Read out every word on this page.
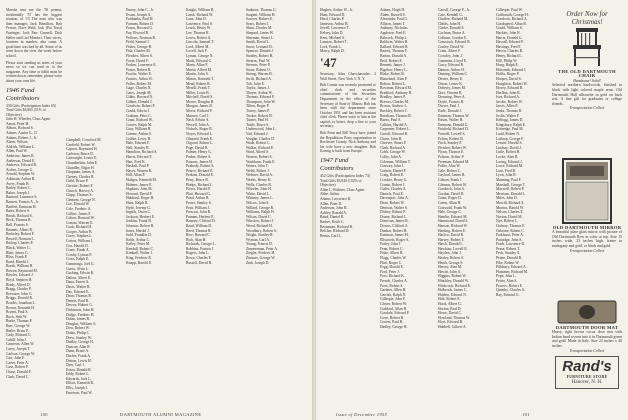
Marsha sent me the '56 peanut, incidentally '57 has the biggest reunion, of '15 The man who was then manager, Jack Hamilton, Bob Ferrari, Dave Weld, Jack (Pat Trust) Farringer, Jack Parr Connell, Dick Haller and Carl Manfort. Their wives, fourteen in number, also came. A good time was had by all. Some of us went down the river the week before school.

Please start sending us notes of your news so we can send in to the magazine. Any time or tidbit must be written down, remember, please write about your own life.

1946 Fund Contributors
330 Gifts (Participation Index 65)
Total Gifts $4,865 (51% of Objective)
John H. Wheeler, Class Agent
Aaron, Peter H.
Abbott, Richard S.
Adams, Austin G., II
Adams, Robert J., Jr.
Ahern, Wilson
Aldrich, William L.
Allen, Paul W.
Ambrose, James R.
Anderson, David E.
Andrews, Edward R.
Archer, George G.
Arnold, Stephen W.
Atkinson, Arthur R.
Avery, Frank B.
Bailey, Robert C.
Baker, Joseph J.
Barnard, Laurence S.
Barnett, Francis A., Jr.
Bartlett, Emmons H.
Bates, Robert S.
Beach, Richard S.
Beck, Thomas R.
Bell, Francis S.
Bennett, Albert R.
Berkeley, Robert F.
Bessell, Norman L.
Bishop, Charles P.
Black, Walter G.
Blair, James G.
Bliss, Frank P.
Bond, Harold J.
Booth, William H.
Bowen, Raymond M.
Bowles, Edward J.
Boyd, Stephen H.
Brady, Alfred D.
Bragg, Charles P.
Brewster, John G.
Briggs, Donald R.
Brooks, Jonathan L.
Brown, Kenneth H.
Bryant, Paul S.
Buck, Seth W.
Burke, Thomas F.
Burr, George W.
Butler, Brian F.
Cady, Richard C.
Cahill, John J.
Cameron, Allen W.
Carey, Joseph T.
Carlson, George W.
Carr, John F.
Carter, Peter A.
Case, Robert P.
Chase, Donald F.
Clark, David C.
Campbell, Crawford M.
Canfield, Robert W.
Capron, Raymond H.
Carleton, Bruce D.
Cartwright, Lester E.
Chamberlain, John E.
Chandler, Edgar H.
Chapman, James A.
Cheney, Charles R.
Child, Bruce P.
Christie, Robert F.
Church, Harvey A.
Clapp, Thomas S.
Clement, George N.
Coe, Donald W.
Cole, Frederic A.
Collins, James F.
Colton, Bernard W.
Conant, Warren E.
Cook, Richard H.
Cooper, Arthur B.
Corey, Stephen L.
Cotton, William J.
Cox, Harold D.
Crane, Frank A.
Crosby, Lyman P.
Cross, Ralph E.
Cummings, Joel G.
Curtis, Alvin L.
Cushing, Edwin R.
Dalton, Albert E.
Dana, Ernest A.
Davis, Walter B.
Day, Edward E.
Dean, Thomas B.
Dennis, Paul R.
Dewey, Hubert G.
Dickinson, John H.
Dodge, Frederic H.
Dolan, James R.
Douglas, William A.
Dow, Robert W.
Drake, Philip C.
Drew, Stanley W.
Dudley, George H.
Duncan, Alan R.
Dunn, Bruce A.
Durfee, Frank A.
Dutton, Lewis H.
Dyer, Carl J.
Eaton, Donald R.
Eddy, Robert L.
Edwards, Jack L.
Elliott, Kenneth R.
Ellis, Joseph J.
Emerson, Paul W.
Emery, John C., Jr.
Evans, Joseph A.
Fairbanks, Paul H.
Farnum, Robert D.
Farrar, Howard G.
Fay, Elwood B.
Fellows, Norman R.
Field, Samuel J.
Fisher, George B.
Fisk, Charles M.
Fletcher, Albert S.
Foote, David F.
Forbes, Lawrence E.
Foster, Robert R.
Fowler, Walter E.
Francis, Arthur B.
Fuller, Robert M.
Gage, Charles N.
Gates, Joseph M.
Gibbs, Howard N.
Gilbert, Donald J.
Goodwin, Robert P.
Gould, Edwin J.
Graham, Peter C.
Grant, Richard W.
Graves, Ralph M.
Gray, William H.
Greene, Arthur S.
Griffin, Leroy B.
Hale, Edward F.
Hall, Stanley B.
Hamilton, Richard S.
Harris, Edward F.
Hart, Fred K.
Haskell, Paul P.
Hayes, Warren R.
Hill, Allan P.
Hodges, Kenneth M.
Holmes, James E.
Hopkins, John M.
Howard, David F.
Hubbard, Roger H.
Hunt, Ralph R.
Hyde, Jeremy G.
Ingalls, Owen C.
Jackson, Herbert E.
Jenkins, Frank D.
Johnson, Robert B.
Jones, Harold J.
Judd, Franklin D.
Keith, Arthur C.
Kelley, Peter M.
Kendall, Robert C.
Kimball, Walter J.
King, Frederic R.
Knapp, Harold E.
Knight, William B.
Lamb, Richard W.
Lane, John D.
Lawrence, Paul S.
Leach, Henry W.
Lee, Thomas R.
Lewis, Robert A.
Lincoln, Samuel T.
Lord, Albert M.
Lovell, Jack F.
Lyman, George N.
Mack, Edward G.
Mann, Allan P.
Marsh, Alfred M.
Martin, John S.
Mason, Kenneth T.
Mead, Robert R.
Merrill, Frank T.
Miller, Louis B.
Mitchell, David S.
Moore, Douglas R.
Morgan, James D.
Morse, Richard F.
Munroe, Carl J.
Nash, Edwin A.
Newell, John A.
Nichols, Roger B.
Noyes, Edward L.
Olmsted, Frank E.
Osgood, Robert L.
Page, David R.
Palmer, Henry G.
Parker, Robert S.
Parsons, James H.
Peabody, Robert S.
Pearce, Richard E.
Perkins, Donald E.
Perry, Bruce R.
Phelps, Richard L.
Pierce, Harold P.
Platt, Howard G.
Pond, Arthur R.
Porter, Stanley S.
Pratt, William J.
Prescott, John R.
Putnam, Herbert E.
Ramsey, Clifford D.
Rand, William D.
Reed, Thomas R.
Rice, Howard C.
Rich, Alan H.
Richards, George L.
Robbins, Francis J.
Rogers, John L.
Rowe, Charles F.
Russell, David B.
Sanborn, Thomas G.
Sargent, William H.
Sawyer, Robert E.
Sears, Robert J.
Shaw, Charles M.
Shepard, James W.
Sherman, Stuart L.
Smith, David L.
Snow, Leonard D.
Spencer, Donald J.
Stanley, Robert H.
Stearns, Paul W.
Stevens, Peter P.
Stone, Robert O.
Strong, Warren B.
Swift, Richard A.
Taft, John E.
Taylor, James J.
Thayer, Arthur W.
Thomas, Edward F.
Thompson, John W.
Tilton, Roger P.
Torrey, James P.
Tucker, Robert H.
Turner, Paul H.
Tuttle, Bruce S.
Underwood, John L.
Vail, Edward J.
Vaughn, Charles D.
Wade, Robert C.
Walker, Richard E.
Ward, Alfred S.
Warren, Robert S.
Washburn, Frank E.
Waters, John T.
Webb, Robert J.
Webster, David A.
Weeks, Henry K.
Wells, Charles B.
Wheeler, John H.
White, David L.
Whitney, James L.
Wilcox, John S.
Willard, George R.
Williams, Ralph H.
Wilson, David C.
Winslow, Robert J.
Wood, Richard H.
Woodbury, Robert S.
Wright, Stanley R.
Wyman, Carl A.
Young, Francis D.
Zimmerman, Peter A.
Ziegler, Frederic H.
Zimmer, George W.
Zink, Joseph D.
100	DARTMOUTH ALUMNI MAGAZINE
Hughes, Arthur W., Jr.
Hunt, Edward D.
Hurd, Charles P.
Jameson, Arthur B.
Jewell, Lawrence T.
Kelsey, John D.
Kent, Michael S.
Lamson, Robert T.
Lord, Frank L.
Marcy, Ralph D.
'47

Secretary, John Chavchavadze, 2 Wall Street, New York 5, N. Y.

Bob Cronin was recently promoted to chief clerk and securities commissioner of the Securities Department in the office of the Secretary of State of Illinois. Bob has been with the department since October 1951 and has been assistant chief clerk. Please write to him at the capital, or better, drop a line to your secretary.

Bob Fenn and Bill Tracy have joined the Republican Party organization in Rochester County. Nick Anthony and his wife have a new daughter. Bob Koenig is back from Europe.

1947 Fund Contributors
452 Gifts (Participation Index 73)
Total Gifts $5,840 (102% of Objective)
Allen L. Rickner, Class Agent
Abbe, Arthur
Adams, Lawrence R.
Allen, Peter D.
Anderson, John R.
Ashley, Ronald A.
Baird, Daniel R.
Barker, Keith C.
Beaumont, Richard R.
Belcher, Richard D.
Bemis, Carl L.
Adams, Hugh H.
Alden, Russell S.
Alexander, Paul G.
Allison, James T.
Anthony, Nicholas
Appleton, Fred E.
Babcock, Philip L.
Baldwin, Walter B.
Ballard, Edward R.
Barrett, Thomas F.
Barton, Donald A.
Beal, Robert E.
Bennett, James J.
Bigelow, Henry L.
Blake, Robert R.
Blanchard, Alan P.
Bolton, Robert L.
Bowman, Edward M.
Bradford, Anthony B.
Bradley, James P.
Brewer, Charles M.
Brown, Andrew L.
Buckley, Robert T.
Burnham, Thomas B.
Burns, Paul S.
Calkins, Harold A.
Carpenter, Robert L.
Carroll, Edward R.
Chase, John H.
Cheever, Stuart P.
Clark, Richard A.
Cobb, George W.
Colby, John A.
Coleman, William T.
Conway, John J.
Corbett, Daniel F.
Craig, Robert E.
Crocker, Henry G.
Cronin, Robert J.
Cutler, Charles A.
Daniels, Paul E.
Davenport, John A.
Dean, Robert W.
Denison, Walter S.
Dickey, Robert P.
Doane, Richard L.
Donovan, James R.
Downs, Clifford A.
Dunbar, Robert H.
Eastman, James M.
Ellsworth, Roger S.
Farley, John J.
Fenn, Robert C.
Fiske, Albert B.
Flagg, Charles W.
Flint, Roger C.
Fogg, Harold E.
Ford, Peter J.
Foss, Richard K.
French, Charles A.
Frost, Robert S.
Gardner, Allen H.
Gerrish, Ralph N.
Gillespie, John F.
Glover, Robert W.
Goddard, Allan R.
Goodale, Edward P.
Gove, Robert R.
Grover, Paul H.
Hadley, George R.
Carroll, George F., Jr.
Cate, Kendall G.
Chaffee, Richard M.
Childs, John H.
Clarke, Donald S.
Cochran, Bruce A.
Colburn, Gordon E.
Comstock, Edward B.
Conley, David W.
Cram, Albert F.
Crowley, John J.
Cummins, Lloyd E.
Curry, Edward B.
Damon, Arthur H.
Deming, William C.
Dexter, Henry E.
Dixon, Lester K.
Doherty, James M.
Dorr, Vincent B.
Downing, Peter A.
Doyle, Francis B.
Dwyer, Paul J.
Earle, Donald J.
Eastman, Thomas W.
Edson, Walter H.
Emmons, Donald G.
Fairfield, Richard D.
Farwell, Lowell S.
Felton, Robert B.
Fitch, Stanley P.
Fletcher, Robert W.
Flynn, Thomas E.
Folsom, Arthur P.
Freeman, Edward M.
Fuller, Alan W.
Gale, Robert C.
Gaylord, James R.
Gibson, Frank J.
Gleason, Robert W.
Goodrich, John A.
Gordon, David B.
Grant, Roger D.
Green, Allan H.
Griswold, Frank W.
Hale, George C.
Hamlin, Edward M.
Hammond, David S.
Hanson, Richard W.
Harding, Robert E.
Harlow, David R.
Harvey, Robert T.
Hatch, Donald L.
Hawkins, Lowell E.
Hayden, John J.
Healey, Robert A.
Heath, George S.
Hersey, Alan M.
Hewitt, John A.
Higgins, Robert W.
Hinckley, Donald W.
Hitchcock, Richard E.
Holbrook, James C.
Holden, Edward N.
Holt, Robert E.
Hood, Albert G.
Horton, Paul D.
Howe, David C.
Howland, Thomas W.
Hoyt, Edward B.
Hubbell, Gilbert A.
Gillespie, Paul W.
Goldsmith, George H.
Goodwin, Richard A.
Goodspeed, Allan R.
Gould, William S.
Hackett, John R.
Harris, Donald G.
Hascall, Edward P.
Hastings, Fred F.
Haven, Charles B.
Henry, Richard L.
Hill, Philip W.
Hoag, Ralph E.
Holcomb, Edward J.
Hollis, Roger P.
Hooper, David S.
Houghton, Robert W.
Hovey, Edward R.
Hurlbut, John R.
Ives, Richard A.
Jacobs, Robert W.
Jarvis, Allen P.
Jenks, Thomas R.
Joslin, Walter F.
Kellogg, James D.
Kingsbury, Ralph E.
Kittredge, Paul M.
Ladd, Robert N.
Lathrop, George F.
Leavitt, Harold S.
Lindsay, David J.
Little, Robert H.
Locke, Alan R.
Loring, Edward J.
Lowe, Richard M.
Lunt, Fred B.
Lyon, John R.
Manning, Paul F.
Marshall, George T.
Maxwell, Robert P.
Merriam, Donald L.
Miles, John D.
Morrill, Richard A.
Morton, Harold W.
Nelson, Charles E.
Norton, David M.
Nye, Robert L.
Ordway, Thomas F.
Osborne, Robert C.
Parkhurst, Peter A.
Partridge, John S.
Patch, Lawrence D.
Pease, Robert T.
Peck, Stanley A.
Pettee, Donald R.
Pike, Robert W.
Pillsbury, Edward A.
Plummer, Richard M.
Pope, John L.
Potter, Alan S.
Powers, Robert E.
Quimby, Charles A.
Ray, Edward G.
Order Now for Christmas!
THE OLD DARTMOUTH CHAIR
Handsome! Solid!
Selected northern hardwoods, finished in black with light colored maple arms. Old Dartmouth Hall silhouette in gold on back rest. A fine gift for graduates or college friends.
Transportation Collect
OLD DARTMOUTH MIRROR
A beautiful plate glass mirror with picture of Old Dartmouth Row in color at top. Size 15 inches wide, 25 inches high, frame in mahogany and gold, or black and gold.
Transportation Collect
DARTMOUTH DOOR MAT
Heavy, tight brown cocoa door mat with Indian head woven into it in Dartmouth green and gold. Made in Italy. Size 24 inches x 40 inches.
Transportation Collect
Rand's
FURNITURE STORE
Hanover, N. H.
Issue of December 1955	101
